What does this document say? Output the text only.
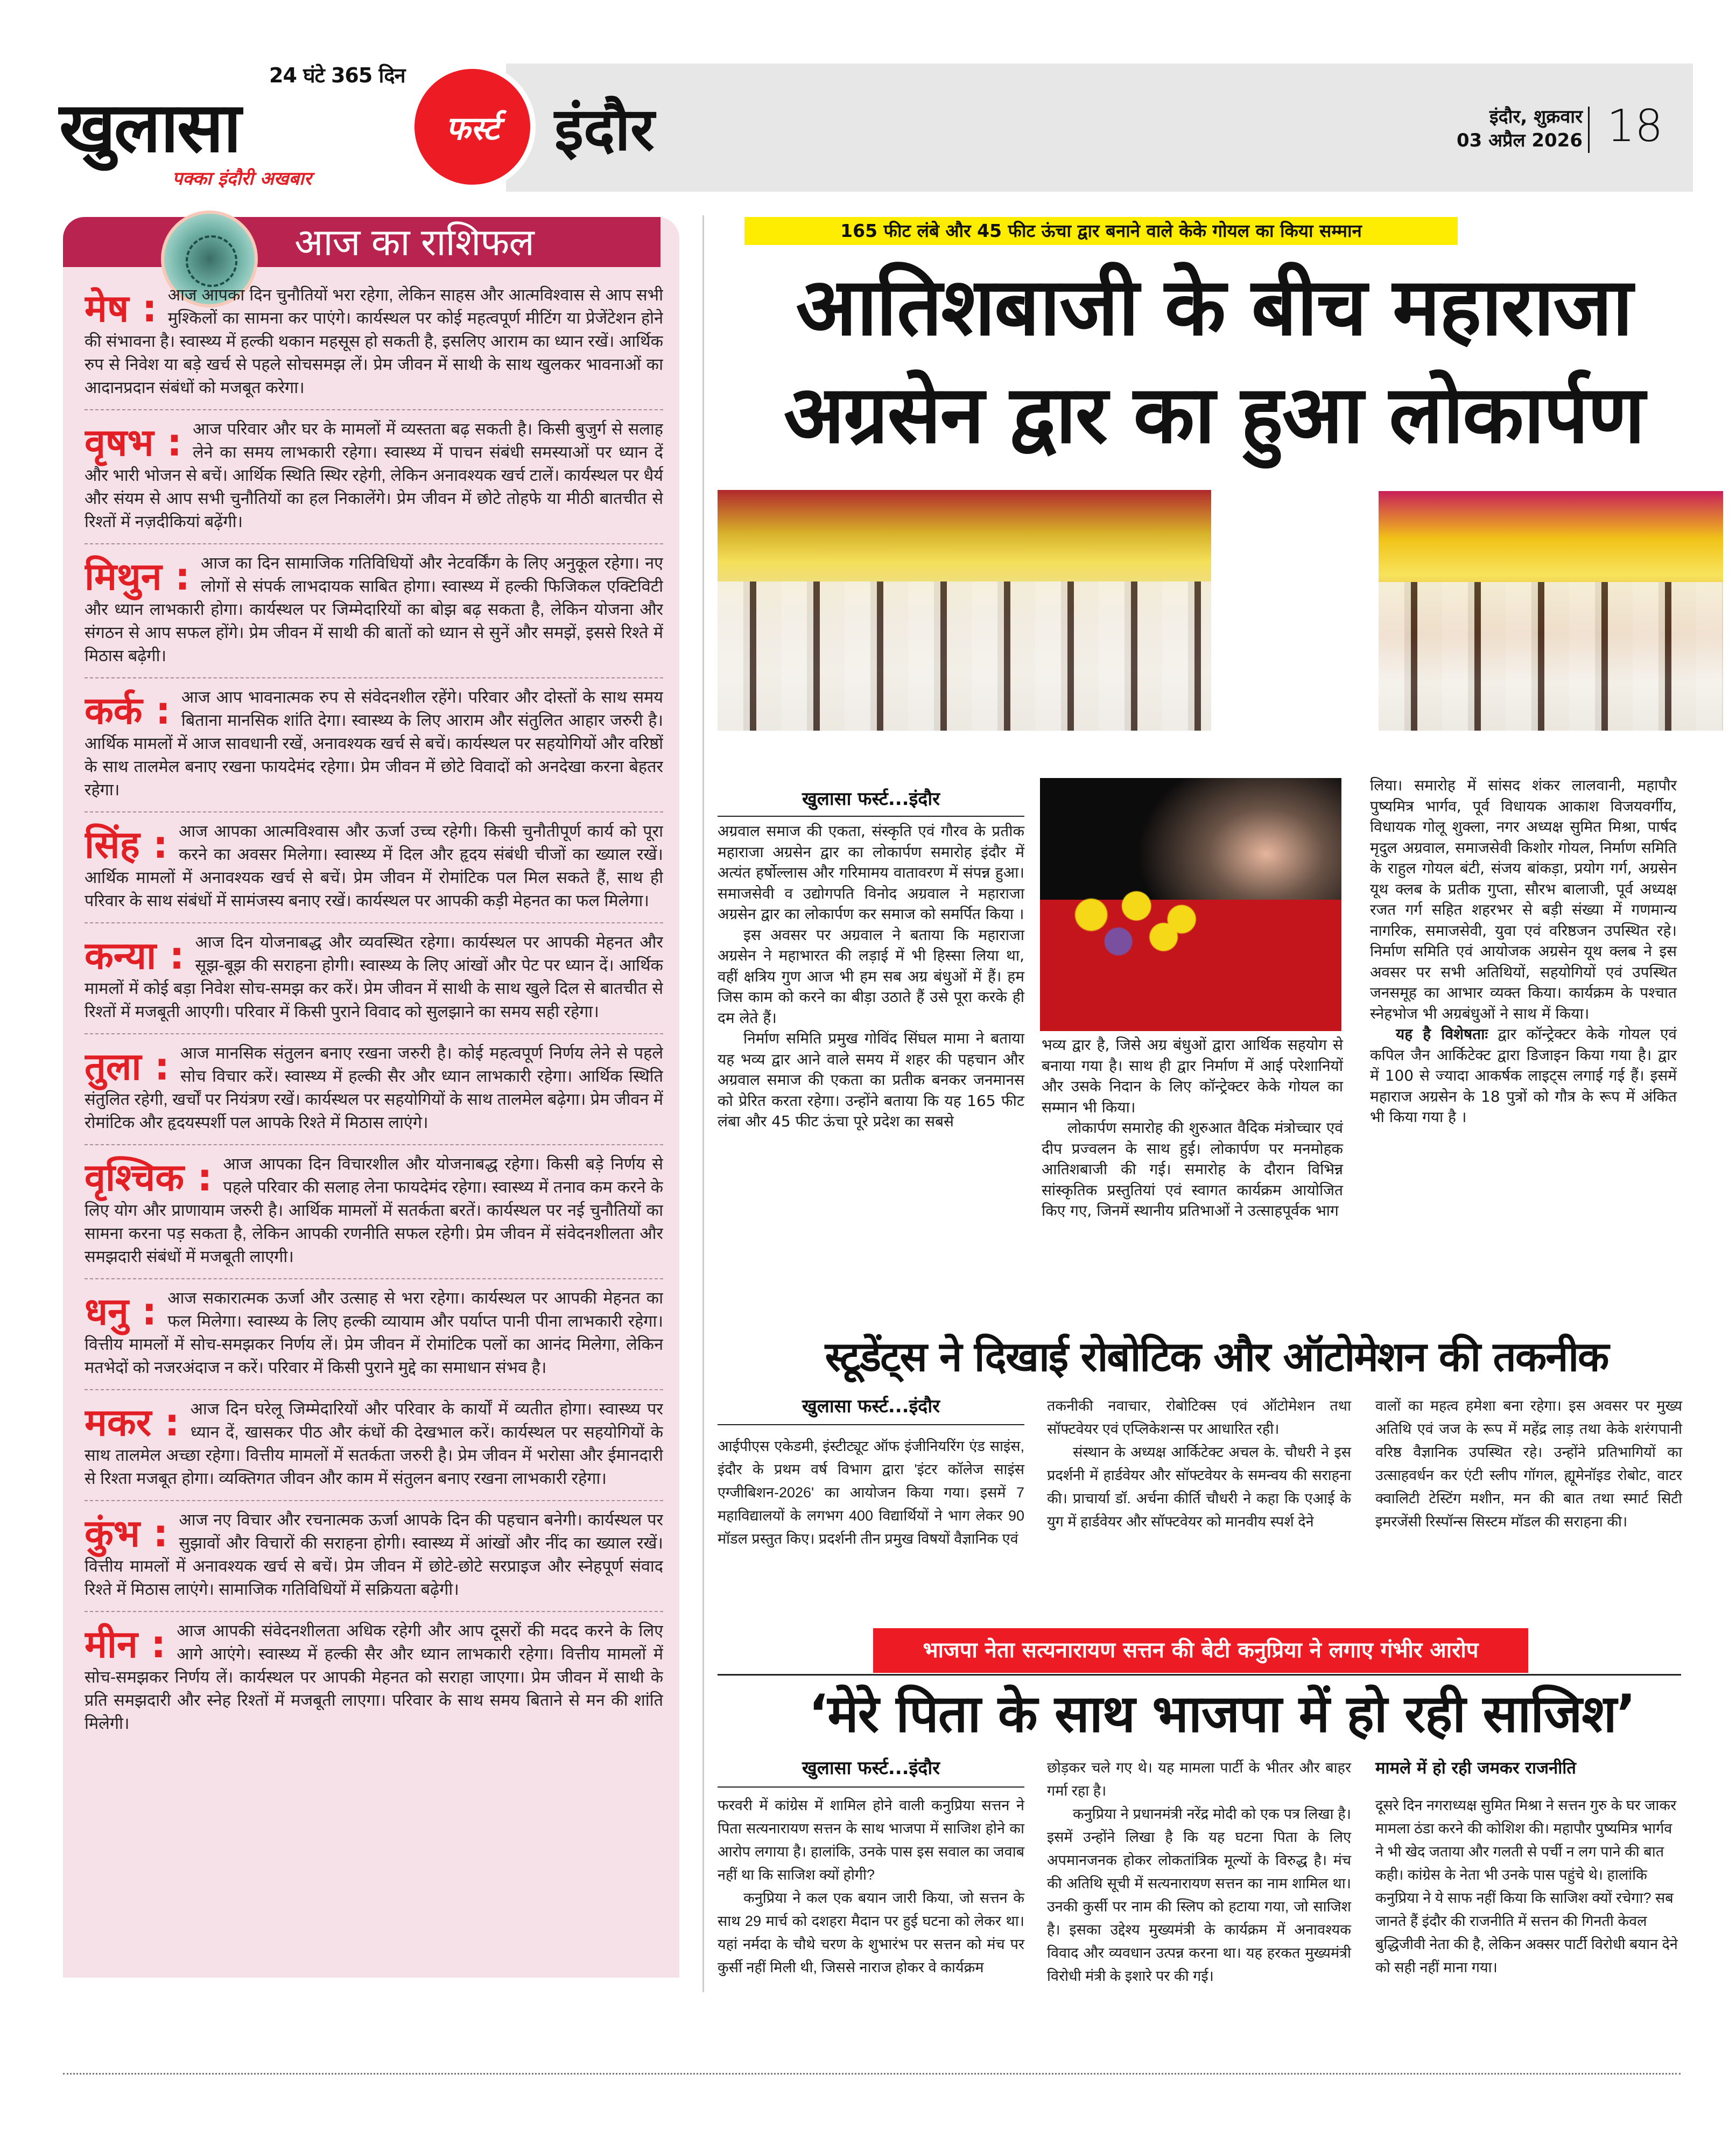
24 घंटे 365 दिन
खुलासा
पक्का इंदौरी अखबार
फर्स्ट इंदौर	इंदौर, शुक्रवार
03 अप्रैल 2026 18
आज का राशिफल
मेष : आज आपका दिन चुनौतियों भरा रहेगा, लेकिन साहस और आत्मविश्वास से आप सभी मुश्किलों का सामना कर पाएंगे। कार्यस्थल पर कोई महत्वपूर्ण मीटिंग या प्रेजेंटेशन होने की संभावना है। स्वास्थ्य में हल्की थकान महसूस हो सकती है, इसलिए आराम का ध्यान रखें। आर्थिक रुप से निवेश या बड़े खर्च से पहले सोचसमझ लें। प्रेम जीवन में साथी के साथ खुलकर भावनाओं का आदानप्रदान संबंधों को मजबूत करेगा।
वृषभ : आज परिवार और घर के मामलों में व्यस्तता बढ़ सकती है। किसी बुजुर्ग से सलाह लेने का समय लाभकारी रहेगा। स्वास्थ्य में पाचन संबंधी समस्याओं पर ध्यान दें और भारी भोजन से बचें। आर्थिक स्थिति स्थिर रहेगी, लेकिन अनावश्यक खर्च टालें। कार्यस्थल पर धैर्य और संयम से आप सभी चुनौतियों का हल निकालेंगे। प्रेम जीवन में छोटे तोहफे या मीठी बातचीत से रिश्तों में नज़दीकियां बढ़ेंगी।
मिथुन : आज का दिन सामाजिक गतिविधियों और नेटवर्किंग के लिए अनुकूल रहेगा। नए लोगों से संपर्क लाभदायक साबित होगा। स्वास्थ्य में हल्की फिजिकल एक्टिविटी और ध्यान लाभकारी होगा। कार्यस्थल पर जिम्मेदारियों का बोझ बढ़ सकता है, लेकिन योजना और संगठन से आप सफल होंगे। प्रेम जीवन में साथी की बातों को ध्यान से सुनें और समझें, इससे रिश्ते में मिठास बढ़ेगी।
कर्क : आज आप भावनात्मक रुप से संवेदनशील रहेंगे। परिवार और दोस्तों के साथ समय बिताना मानसिक शांति देगा। स्वास्थ्य के लिए आराम और संतुलित आहार जरुरी है। आर्थिक मामलों में आज सावधानी रखें, अनावश्यक खर्च से बचें। कार्यस्थल पर सहयोगियों और वरिष्ठों के साथ तालमेल बनाए रखना फायदेमंद रहेगा। प्रेम जीवन में छोटे विवादों को अनदेखा करना बेहतर रहेगा।
सिंह : आज आपका आत्मविश्वास और ऊर्जा उच्च रहेगी। किसी चुनौतीपूर्ण कार्य को पूरा करने का अवसर मिलेगा। स्वास्थ्य में दिल और हृदय संबंधी चीजों का ख्याल रखें। आर्थिक मामलों में अनावश्यक खर्च से बचें। प्रेम जीवन में रोमांटिक पल मिल सकते हैं, साथ ही परिवार के साथ संबंधों में सामंजस्य बनाए रखें। कार्यस्थल पर आपकी कड़ी मेहनत का फल मिलेगा।
कन्या : आज दिन योजनाबद्ध और व्यवस्थित रहेगा। कार्यस्थल पर आपकी मेहनत और सूझ-बूझ की सराहना होगी। स्वास्थ्य के लिए आंखों और पेट पर ध्यान दें। आर्थिक मामलों में कोई बड़ा निवेश सोच-समझ कर करें। प्रेम जीवन में साथी के साथ खुले दिल से बातचीत से रिश्तों में मजबूती आएगी। परिवार में किसी पुराने विवाद को सुलझाने का समय सही रहेगा।
तुला : आज मानसिक संतुलन बनाए रखना जरुरी है। कोई महत्वपूर्ण निर्णय लेने से पहले सोच विचार करें। स्वास्थ्य में हल्की सैर और ध्यान लाभकारी रहेगा। आर्थिक स्थिति संतुलित रहेगी, खर्चों पर नियंत्रण रखें। कार्यस्थल पर सहयोगियों के साथ तालमेल बढ़ेगा। प्रेम जीवन में रोमांटिक और हृदयस्पर्शी पल आपके रिश्ते में मिठास लाएंगे।
वृश्चिक : आज आपका दिन विचारशील और योजनाबद्ध रहेगा। किसी बड़े निर्णय से पहले परिवार की सलाह लेना फायदेमंद रहेगा। स्वास्थ्य में तनाव कम करने के लिए योग और प्राणायाम जरुरी है। आर्थिक मामलों में सतर्कता बरतें। कार्यस्थल पर नई चुनौतियों का सामना करना पड़ सकता है, लेकिन आपकी रणनीति सफल रहेगी। प्रेम जीवन में संवेदनशीलता और समझदारी संबंधों में मजबूती लाएगी।
धनु : आज सकारात्मक ऊर्जा और उत्साह से भरा रहेगा। कार्यस्थल पर आपकी मेहनत का फल मिलेगा। स्वास्थ्य के लिए हल्की व्यायाम और पर्याप्त पानी पीना लाभकारी रहेगा। वित्तीय मामलों में सोच-समझकर निर्णय लें। प्रेम जीवन में रोमांटिक पलों का आनंद मिलेगा, लेकिन मतभेदों को नजरअंदाज न करें। परिवार में किसी पुराने मुद्दे का समाधान संभव है।
मकर : आज दिन घरेलू जिम्मेदारियों और परिवार के कार्यों में व्यतीत होगा। स्वास्थ्य पर ध्यान दें, खासकर पीठ और कंधों की देखभाल करें। कार्यस्थल पर सहयोगियों के साथ तालमेल अच्छा रहेगा। वित्तीय मामलों में सतर्कता जरुरी है। प्रेम जीवन में भरोसा और ईमानदारी से रिश्ता मजबूत होगा। व्यक्तिगत जीवन और काम में संतुलन बनाए रखना लाभकारी रहेगा।
कुंभ : आज नए विचार और रचनात्मक ऊर्जा आपके दिन की पहचान बनेगी। कार्यस्थल पर सुझावों और विचारों की सराहना होगी। स्वास्थ्य में आंखों और नींद का ख्याल रखें। वित्तीय मामलों में अनावश्यक खर्च से बचें। प्रेम जीवन में छोटे-छोटे सरप्राइज और स्नेहपूर्ण संवाद रिश्ते में मिठास लाएंगे। सामाजिक गतिविधियों में सक्रियता बढ़ेगी।
मीन : आज आपकी संवेदनशीलता अधिक रहेगी और आप दूसरों की मदद करने के लिए आगे आएंगे। स्वास्थ्य में हल्की सैर और ध्यान लाभकारी रहेगा। वित्तीय मामलों में सोच-समझकर निर्णय लें। कार्यस्थल पर आपकी मेहनत को सराहा जाएगा। प्रेम जीवन में साथी के प्रति समझदारी और स्नेह रिश्तों में मजबूती लाएगा। परिवार के साथ समय बिताने से मन की शांति मिलेगी।
165 फीट लंबे और 45 फीट ऊंचा द्वार बनाने वाले केके गोयल का किया सम्मान
आतिशबाजी के बीच महाराजा
अग्रसेन द्वार का हुआ लोकार्पण
खुलासा फर्स्ट...इंदौर

अग्रवाल समाज की एकता, संस्कृति एवं गौरव के प्रतीक महाराजा अग्रसेन द्वार का लोकार्पण समारोह इंदौर में अत्यंत हर्षोल्लास और गरिमामय वातावरण में संपन्न हुआ। समाजसेवी व उद्योगपति विनोद अग्रवाल ने महाराजा अग्रसेन द्वार का लोकार्पण कर समाज को समर्पित किया ।

इस अवसर पर अग्रवाल ने बताया कि महाराजा अग्रसेन ने महाभारत की लड़ाई में भी हिस्सा लिया था, वहीं क्षत्रिय गुण आज भी हम सब अग्र बंधुओं में हैं। हम जिस काम को करने का बीड़ा उठाते हैं उसे पूरा करके ही दम लेते हैं।

निर्माण समिति प्रमुख गोविंद सिंघल मामा ने बताया यह भव्य द्वार आने वाले समय में शहर की पहचान और अग्रवाल समाज की एकता का प्रतीक बनकर जनमानस को प्रेरित करता रहेगा। उन्होंने बताया कि यह 165 फीट लंबा और 45 फीट ऊंचा पूरे प्रदेश का सबसे

भव्य द्वार है, जिसे अग्र बंधुओं द्वारा आर्थिक सहयोग से बनाया गया है। साथ ही द्वार निर्माण में आई परेशानियों और उसके निदान के लिए कॉन्ट्रेक्टर केके गोयल का सम्मान भी किया।

लोकार्पण समारोह की शुरुआत वैदिक मंत्रोच्चार एवं दीप प्रज्वलन के साथ हुई। लोकार्पण पर मनमोहक आतिशबाजी की गई। समारोह के दौरान विभिन्न सांस्कृतिक प्रस्तुतियां एवं स्वागत कार्यक्रम आयोजित किए गए, जिनमें स्थानीय प्रतिभाओं ने उत्साहपूर्वक भाग

लिया। समारोह में सांसद शंकर लालवानी, महापौर पुष्यमित्र भार्गव, पूर्व विधायक आकाश विजयवर्गीय, विधायक गोलू शुक्ला, नगर अध्यक्ष सुमित मिश्रा, पार्षद मृदुल अग्रवाल, समाजसेवी किशोर गोयल, निर्माण समिति के राहुल गोयल बंटी, संजय बांकड़ा, प्रयोग गर्ग, अग्रसेन यूथ क्लब के प्रतीक गुप्ता, सौरभ बालाजी, पूर्व अध्यक्ष रजत गर्ग सहित शहरभर से बड़ी संख्या में गणमान्य नागरिक, समाजसेवी, युवा एवं वरिष्ठजन उपस्थित रहे। निर्माण समिति एवं आयोजक अग्रसेन यूथ क्लब ने इस अवसर पर सभी अतिथियों, सहयोगियों एवं उपस्थित जनसमूह का आभार व्यक्त किया। कार्यक्रम के पश्चात स्नेहभोज भी अग्रबंधुओं ने साथ में किया।

यह है विशेषताः द्वार कॉन्ट्रेक्टर केके गोयल एवं कपिल जैन आर्किटेक्ट द्वारा डिजाइन किया गया है। द्वार में 100 से ज्यादा आकर्षक लाइट्स लगाई गई हैं। इसमें महाराज अग्रसेन के 18 पुत्रों को गौत्र के रूप में अंकित भी किया गया है ।

स्टूडेंट्स ने दिखाई रोबोटिक और ऑटोमेशन की तकनीक
खुलासा फर्स्ट...इंदौर

आईपीएस एकेडमी, इंस्टीट्यूट ऑफ इंजीनियरिंग एंड साइंस, इंदौर के प्रथम वर्ष विभाग द्वारा 'इंटर कॉलेज साइंस एग्जीबिशन-2026' का आयोजन किया गया। इसमें 7 महाविद्यालयों के लगभग 400 विद्यार्थियों ने भाग लेकर 90 मॉडल प्रस्तुत किए। प्रदर्शनी तीन प्रमुख विषयों वैज्ञानिक एवं

तकनीकी नवाचार, रोबोटिक्स एवं ऑटोमेशन तथा सॉफ्टवेयर एवं एप्लिकेशन्स पर आधारित रही।

संस्थान के अध्यक्ष आर्किटेक्ट अचल के. चौधरी ने इस प्रदर्शनी में हार्डवेयर और सॉफ्टवेयर के समन्वय की सराहना की। प्राचार्या डॉ. अर्चना कीर्ति चौधरी ने कहा कि एआई के युग में हार्डवेयर और सॉफ्टवेयर को मानवीय स्पर्श देने

वालों का महत्व हमेशा बना रहेगा। इस अवसर पर मुख्य अतिथि एवं जज के रूप में महेंद्र लाड़ तथा केके शरंगपानी वरिष्ठ वैज्ञानिक उपस्थित रहे। उन्होंने प्रतिभागियों का उत्साहवर्धन कर एंटी स्लीप गॉगल, ह्यूमेनॉइड रोबोट, वाटर क्वालिटी टेस्टिंग मशीन, मन की बात तथा स्मार्ट सिटी इमरजेंसी रिस्पॉन्स सिस्टम मॉडल की सराहना की।

भाजपा नेता सत्यनारायण सत्तन की बेटी कनुप्रिया ने लगाए गंभीर आरोप
‘मेरे पिता के साथ भाजपा में हो रही साजिश’
खुलासा फर्स्ट...इंदौर

फरवरी में कांग्रेस में शामिल होने वाली कनुप्रिया सत्तन ने पिता सत्यनारायण सत्तन के साथ भाजपा में साजिश होने का आरोप लगाया है। हालांकि, उनके पास इस सवाल का जवाब नहीं था कि साजिश क्यों होगी?

कनुप्रिया ने कल एक बयान जारी किया, जो सत्तन के साथ 29 मार्च को दशहरा मैदान पर हुई घटना को लेकर था। यहां नर्मदा के चौथे चरण के शुभारंभ पर सत्तन को मंच पर कुर्सी नहीं मिली थी, जिससे नाराज होकर वे कार्यक्रम

छोड़कर चले गए थे। यह मामला पार्टी के भीतर और बाहर गर्मा रहा है।

कनुप्रिया ने प्रधानमंत्री नरेंद्र मोदी को एक पत्र लिखा है। इसमें उन्होंने लिखा है कि यह घटना पिता के लिए अपमानजनक होकर लोकतांत्रिक मूल्यों के विरुद्ध है। मंच की अतिथि सूची में सत्यनारायण सत्तन का नाम शामिल था। उनकी कुर्सी पर नाम की स्लिप को हटाया गया, जो साजिश है। इसका उद्देश्य मुख्यमंत्री के कार्यक्रम में अनावश्यक विवाद और व्यवधान उत्पन्न करना था। यह हरकत मुख्यमंत्री विरोधी मंत्री के इशारे पर की गई।

मामले में हो रही जमकर राजनीति

दूसरे दिन नगराध्यक्ष सुमित मिश्रा ने सत्तन गुरु के घर जाकर मामला ठंडा करने की कोशिश की। महापौर पुष्यमित्र भार्गव ने भी खेद जताया और गलती से पर्ची न लग पाने की बात कही। कांग्रेस के नेता भी उनके पास पहुंचे थे। हालांकि कनुप्रिया ने ये साफ नहीं किया कि साजिश क्यों रचेगा? सब जानते हैं इंदौर की राजनीति में सत्तन की गिनती केवल बुद्धिजीवी नेता की है, लेकिन अक्सर पार्टी विरोधी बयान देने को सही नहीं माना गया।
